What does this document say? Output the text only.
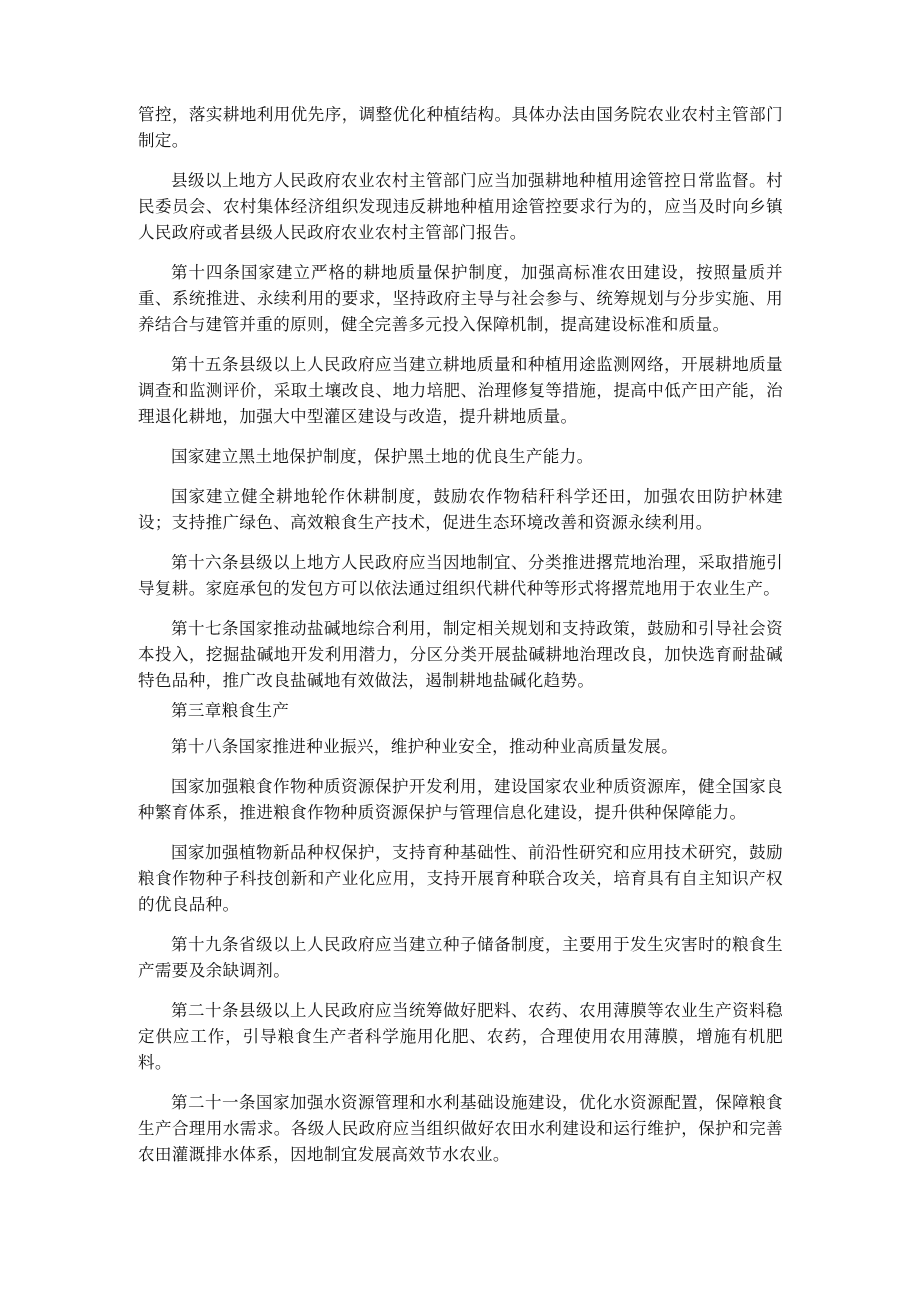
管控，落实耕地利用优先序，调整优化种植结构。具体办法由国务院农业农村主管部门制定。

县级以上地方人民政府农业农村主管部门应当加强耕地种植用途管控日常监督。村民委员会、农村集体经济组织发现违反耕地种植用途管控要求行为的，应当及时向乡镇人民政府或者县级人民政府农业农村主管部门报告。

第十四条国家建立严格的耕地质量保护制度，加强高标准农田建设，按照量质并重、系统推进、永续利用的要求，坚持政府主导与社会参与、统筹规划与分步实施、用养结合与建管并重的原则，健全完善多元投入保障机制，提高建设标准和质量。

第十五条县级以上人民政府应当建立耕地质量和种植用途监测网络，开展耕地质量调查和监测评价，采取土壤改良、地力培肥、治理修复等措施，提高中低产田产能，治理退化耕地，加强大中型灌区建设与改造，提升耕地质量。

国家建立黑土地保护制度，保护黑土地的优良生产能力。

国家建立健全耕地轮作休耕制度，鼓励农作物秸秆科学还田，加强农田防护林建设；支持推广绿色、高效粮食生产技术，促进生态环境改善和资源永续利用。

第十六条县级以上地方人民政府应当因地制宜、分类推进撂荒地治理，采取措施引导复耕。家庭承包的发包方可以依法通过组织代耕代种等形式将撂荒地用于农业生产。

第十七条国家推动盐碱地综合利用，制定相关规划和支持政策，鼓励和引导社会资本投入，挖掘盐碱地开发利用潜力，分区分类开展盐碱耕地治理改良，加快选育耐盐碱特色品种，推广改良盐碱地有效做法，遏制耕地盐碱化趋势。

第三章粮食生产

第十八条国家推进种业振兴，维护种业安全，推动种业高质量发展。

国家加强粮食作物种质资源保护开发利用，建设国家农业种质资源库，健全国家良种繁育体系，推进粮食作物种质资源保护与管理信息化建设，提升供种保障能力。

国家加强植物新品种权保护，支持育种基础性、前沿性研究和应用技术研究，鼓励粮食作物种子科技创新和产业化应用，支持开展育种联合攻关，培育具有自主知识产权的优良品种。

第十九条省级以上人民政府应当建立种子储备制度，主要用于发生灾害时的粮食生产需要及余缺调剂。

第二十条县级以上人民政府应当统筹做好肥料、农药、农用薄膜等农业生产资料稳定供应工作，引导粮食生产者科学施用化肥、农药，合理使用农用薄膜，增施有机肥料。

第二十一条国家加强水资源管理和水利基础设施建设，优化水资源配置，保障粮食生产合理用水需求。各级人民政府应当组织做好农田水利建设和运行维护，保护和完善农田灌溉排水体系，因地制宜发展高效节水农业。
